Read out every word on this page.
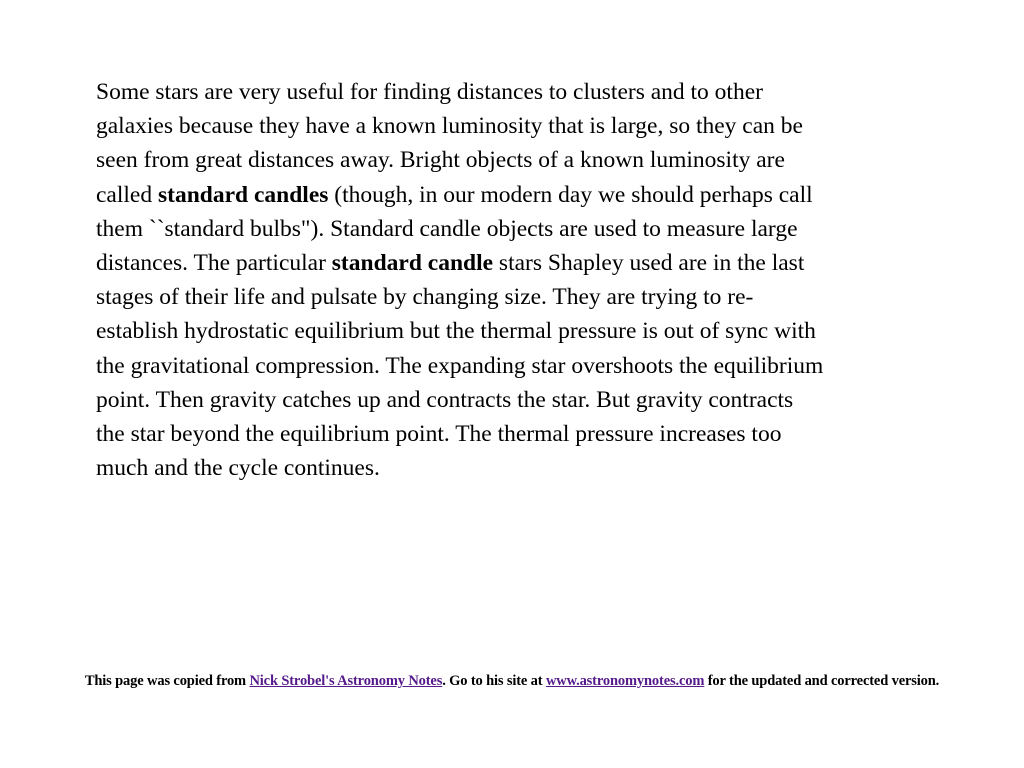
Some stars are very useful for finding distances to clusters and to other galaxies because they have a known luminosity that is large, so they can be seen from great distances away. Bright objects of a known luminosity are called standard candles (though, in our modern day we should perhaps call them ``standard bulbs"). Standard candle objects are used to measure large distances. The particular standard candle stars Shapley used are in the last stages of their life and pulsate by changing size. They are trying to re-establish hydrostatic equilibrium but the thermal pressure is out of sync with the gravitational compression. The expanding star overshoots the equilibrium point. Then gravity catches up and contracts the star. But gravity contracts the star beyond the equilibrium point. The thermal pressure increases too much and the cycle continues.

This page was copied from Nick Strobel's Astronomy Notes. Go to his site at www.astronomynotes.com for the updated and corrected version.
